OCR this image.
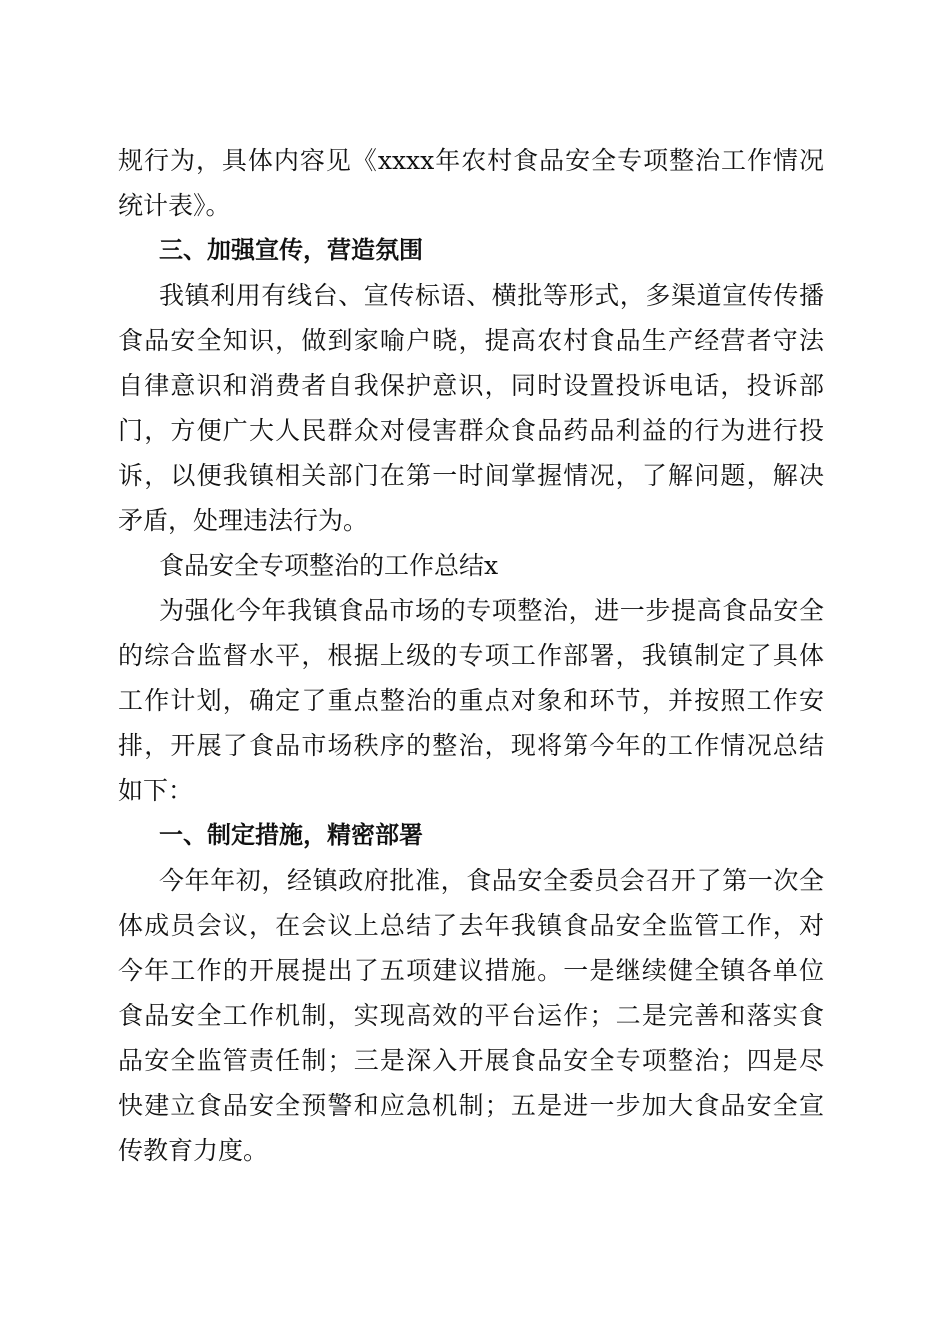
规行为，具体内容见《xxxx年农村食品安全专项整治工作情况
统计表》。
三、加强宣传，营造氛围
我镇利用有线台、宣传标语、横批等形式，多渠道宣传传播
食品安全知识，做到家喻户晓，提高农村食品生产经营者守法
自律意识和消费者自我保护意识，同时设置投诉电话，投诉部
门，方便广大人民群众对侵害群众食品药品利益的行为进行投
诉，以便我镇相关部门在第一时间掌握情况，了解问题，解决
矛盾，处理违法行为。
食品安全专项整治的工作总结x
为强化今年我镇食品市场的专项整治，进一步提高食品安全
的综合监督水平，根据上级的专项工作部署，我镇制定了具体
工作计划，确定了重点整治的重点对象和环节，并按照工作安
排，开展了食品市场秩序的整治，现将第今年的工作情况总结
如下：
一、制定措施，精密部署
今年年初，经镇政府批准，食品安全委员会召开了第一次全
体成员会议，在会议上总结了去年我镇食品安全监管工作，对
今年工作的开展提出了五项建议措施。一是继续健全镇各单位
食品安全工作机制，实现高效的平台运作；二是完善和落实食
品安全监管责任制；三是深入开展食品安全专项整治；四是尽
快建立食品安全预警和应急机制；五是进一步加大食品安全宣
传教育力度。
